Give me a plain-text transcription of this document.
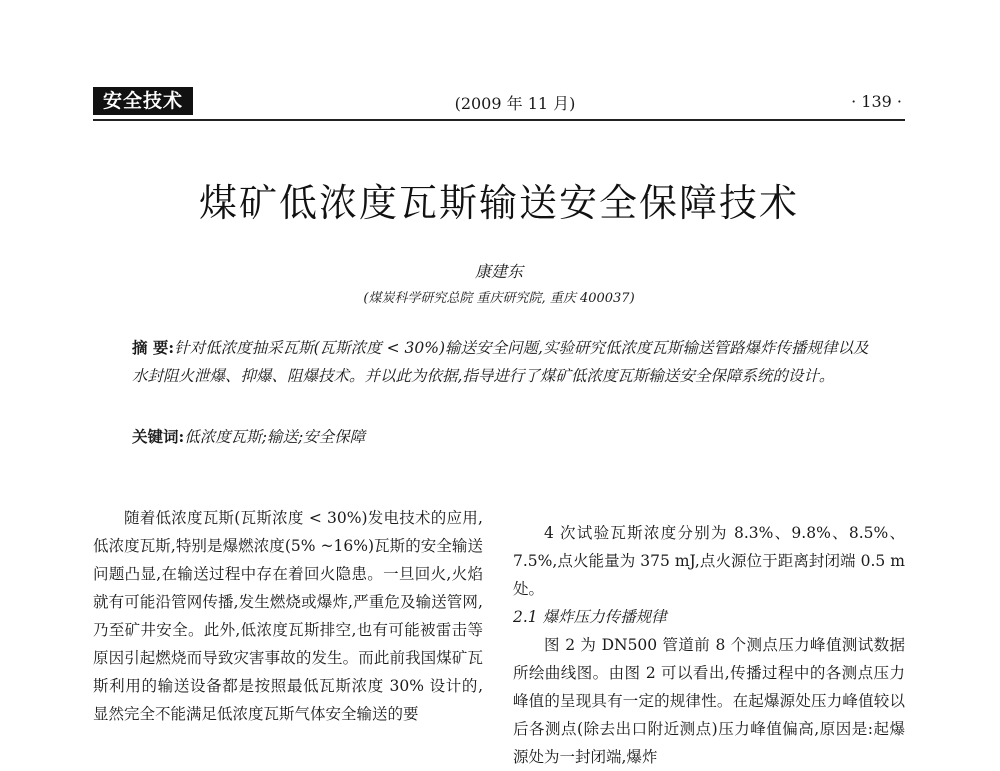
安全技术	(2009 年 11 月)	· 139 ·
煤矿低浓度瓦斯输送安全保障技术
康建东
(煤炭科学研究总院 重庆研究院, 重庆 400037)
摘 要:针对低浓度抽采瓦斯(瓦斯浓度 < 30%)输送安全问题,实验研究低浓度瓦斯输送管路爆炸传播规律以及水封阻火泄爆、抑爆、阻爆技术。并以此为依据,指导进行了煤矿低浓度瓦斯输送安全保障系统的设计。
关键词:低浓度瓦斯;输送;安全保障

随着低浓度瓦斯(瓦斯浓度 < 30%)发电技术的应用,低浓度瓦斯,特别是爆燃浓度(5% ~16%)瓦斯的安全输送问题凸显,在输送过程中存在着回火隐患。一旦回火,火焰就有可能沿管网传播,发生燃烧或爆炸,严重危及输送管网,乃至矿井安全。此外,低浓度瓦斯排空,也有可能被雷击等原因引起燃烧而导致灾害事故的发生。而此前我国煤矿瓦斯利用的输送设备都是按照最低瓦斯浓度 30% 设计的,显然完全不能满足低浓度瓦斯气体安全输送的要

4 次试验瓦斯浓度分别为 8.3%、9.8%、8.5%、7.5%,点火能量为 375 mJ,点火源位于距离封闭端 0.5 m 处。

2.1 爆炸压力传播规律

图 2 为 DN500 管道前 8 个测点压力峰值测试数据所绘曲线图。由图 2 可以看出,传播过程中的各测点压力峰值的呈现具有一定的规律性。在起爆源处压力峰值较以后各测点(除去出口附近测点)压力峰值偏高,原因是:起爆源处为一封闭端,爆炸
